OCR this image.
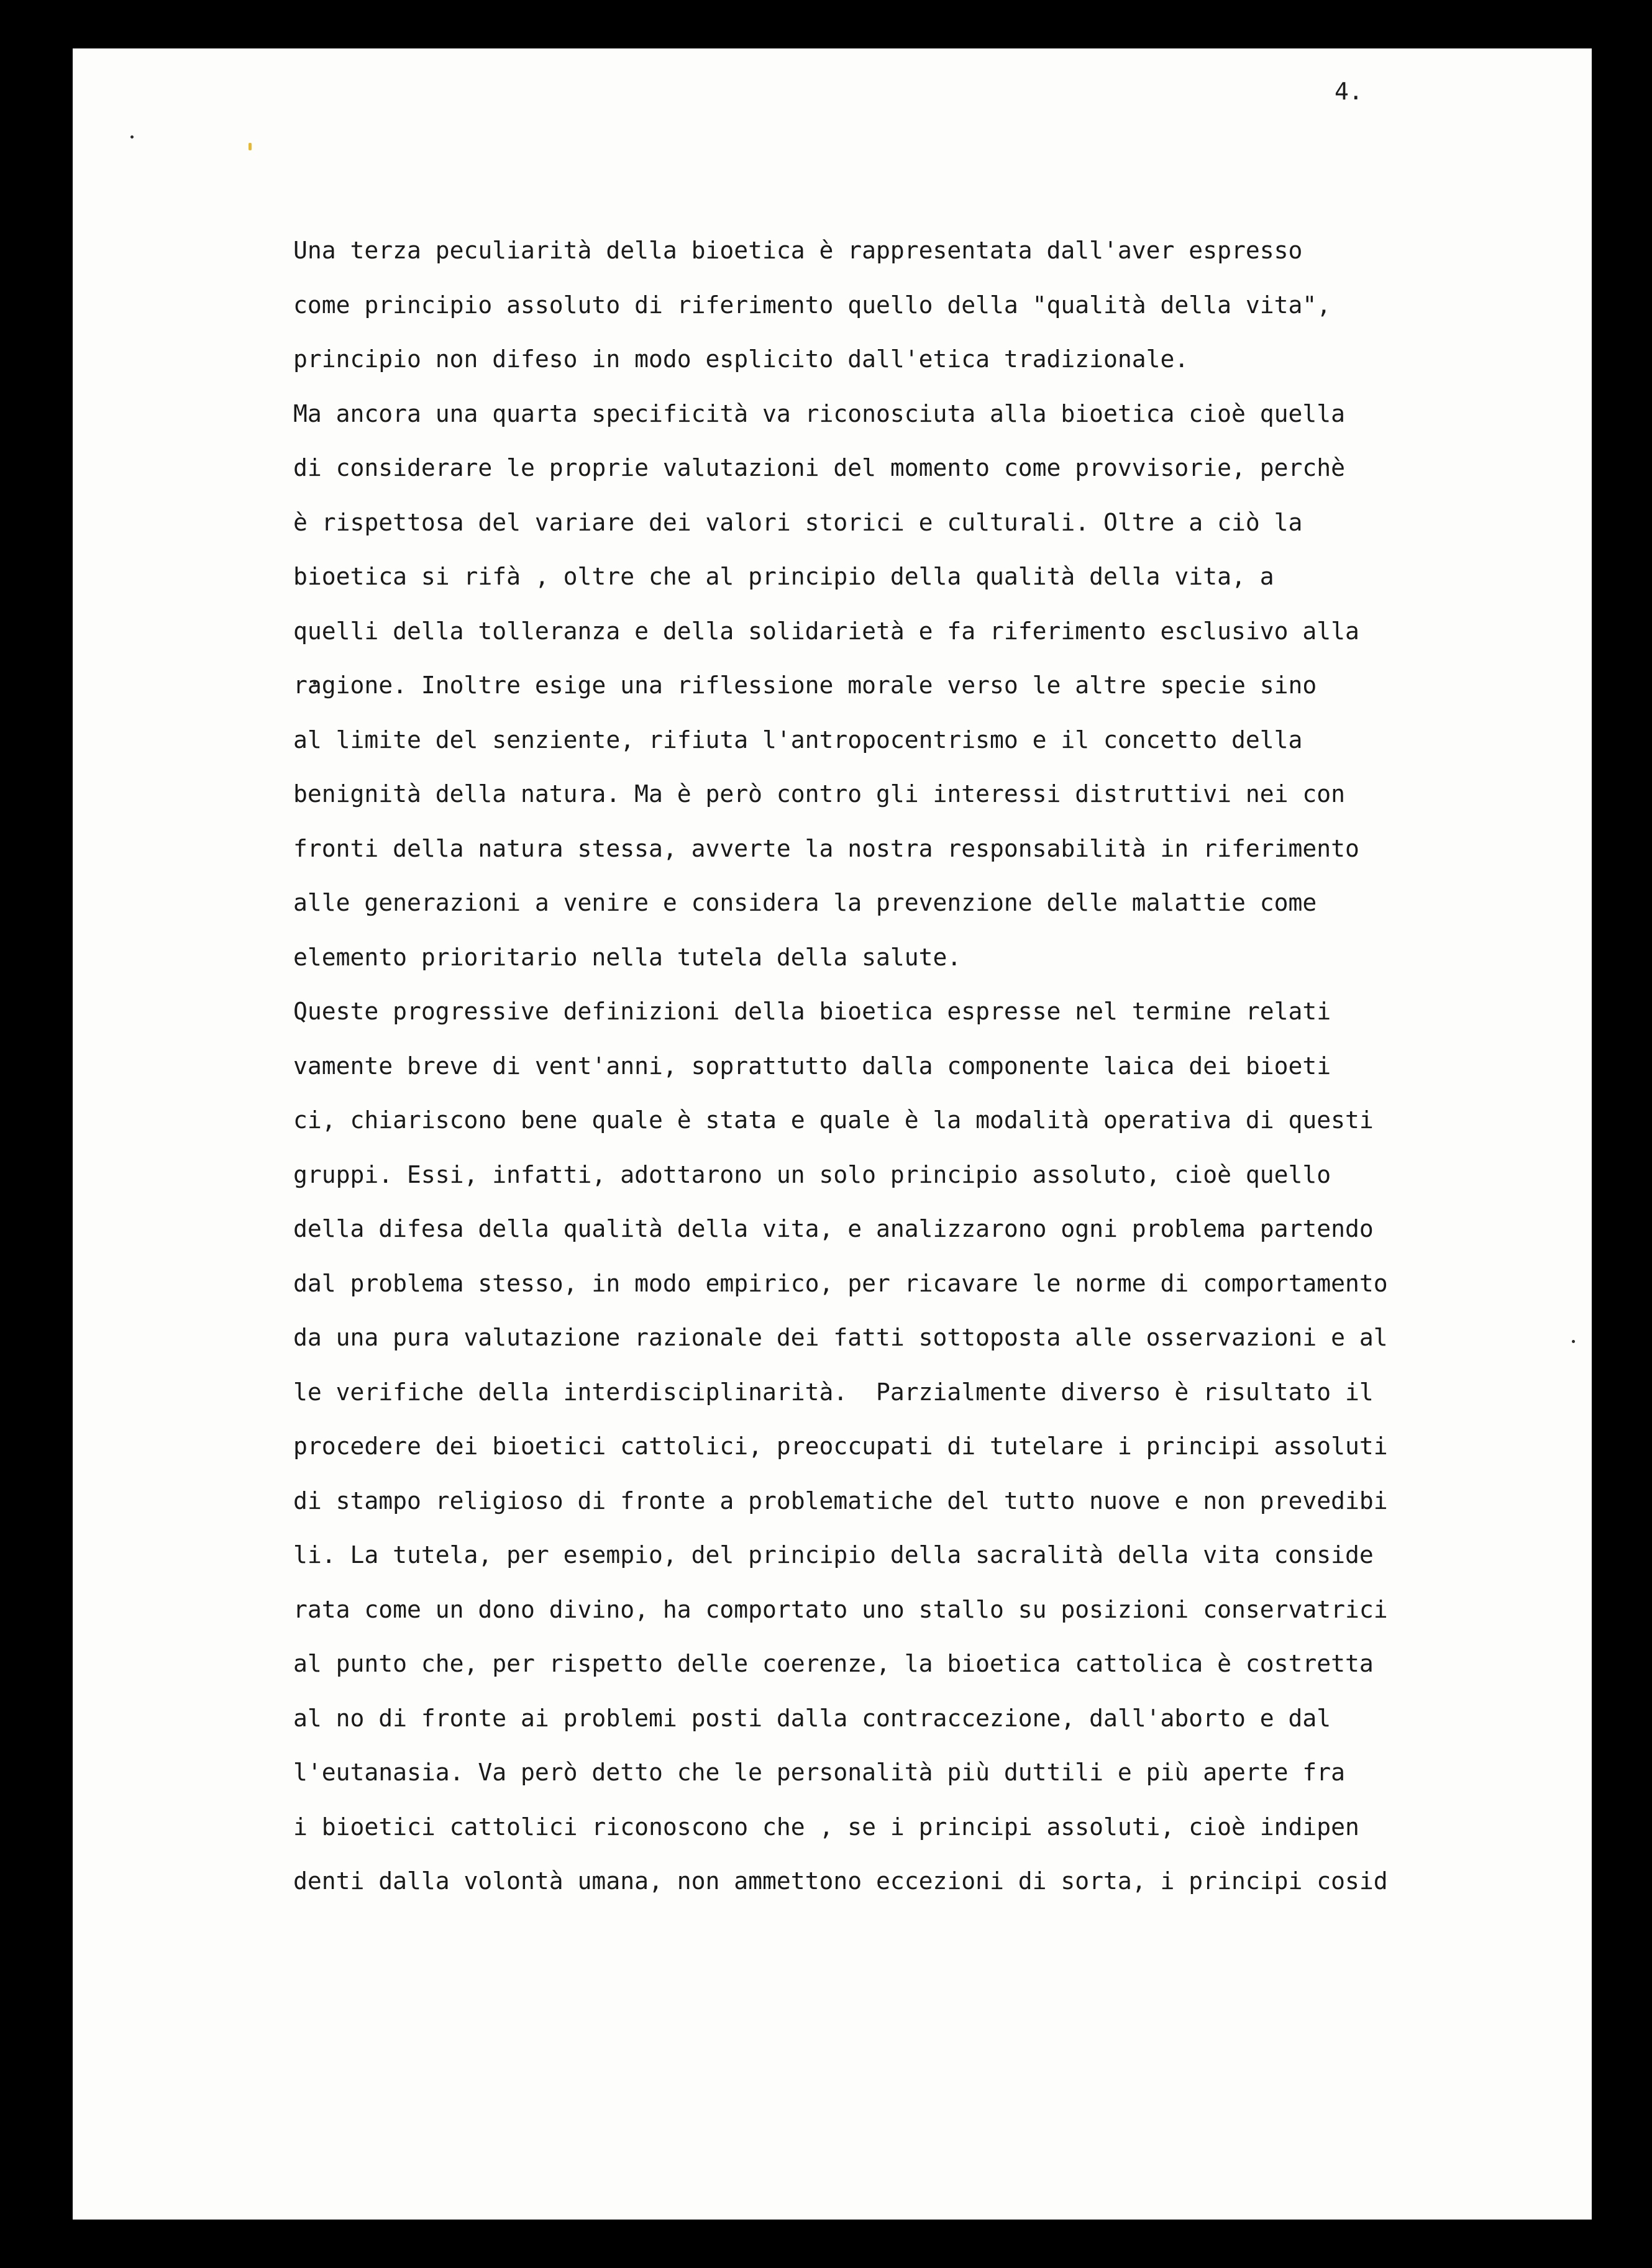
4.
Una terza peculiarità della bioetica è rappresentata dall'aver espresso
come principio assoluto di riferimento quello della "qualità della vita",
principio non difeso in modo esplicito dall'etica tradizionale.
Ma ancora una quarta specificità va riconosciuta alla bioetica cioè quella
di considerare le proprie valutazioni del momento come provvisorie, perchè
è rispettosa del variare dei valori storici e culturali. Oltre a ciò la
bioetica si rifà , oltre che al principio della qualità della vita, a
quelli della tolleranza e della solidarietà e fa riferimento esclusivo alla
ragione. Inoltre esige una riflessione morale verso le altre specie sino
al limite del senziente, rifiuta l'antropocentrismo e il concetto della
benignità della natura. Ma è però contro gli interessi distruttivi nei con
fronti della natura stessa, avverte la nostra responsabilità in riferimento
alle generazioni a venire e considera la prevenzione delle malattie come
elemento prioritario nella tutela della salute.
Queste progressive definizioni della bioetica espresse nel termine relati
vamente breve di vent'anni, soprattutto dalla componente laica dei bioeti
ci, chiariscono bene quale è stata e quale è la modalità operativa di questi
gruppi. Essi, infatti, adottarono un solo principio assoluto, cioè quello
della difesa della qualità della vita, e analizzarono ogni problema partendo
dal problema stesso, in modo empirico, per ricavare le norme di comportamento
da una pura valutazione razionale dei fatti sottoposta alle osservazioni e al
le verifiche della interdisciplinarità.  Parzialmente diverso è risultato il
procedere dei bioetici cattolici, preoccupati di tutelare i principi assoluti
di stampo religioso di fronte a problematiche del tutto nuove e non prevedibi
li. La tutela, per esempio, del principio della sacralità della vita conside
rata come un dono divino, ha comportato uno stallo su posizioni conservatrici
al punto che, per rispetto delle coerenze, la bioetica cattolica è costretta
al no di fronte ai problemi posti dalla contraccezione, dall'aborto e dal
l'eutanasia. Va però detto che le personalità più duttili e più aperte fra
i bioetici cattolici riconoscono che , se i principi assoluti, cioè indipen
denti dalla volontà umana, non ammettono eccezioni di sorta, i principi cosid
